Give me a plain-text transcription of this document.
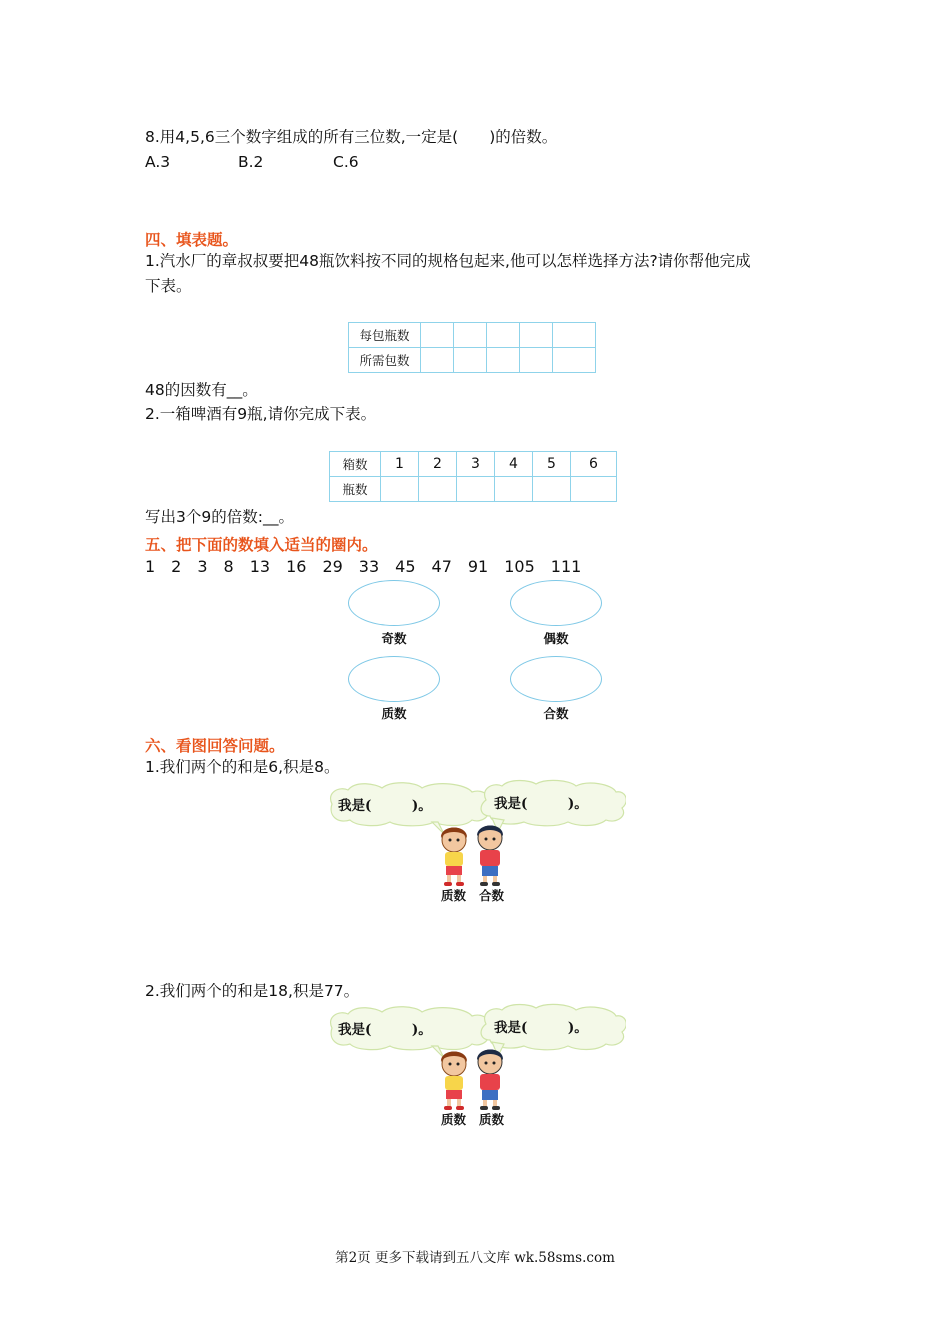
8.用4,5,6三个数字组成的所有三位数,一定是(　　)的倍数。
A.3	B.2	C.6
四、填表题。
1.汽水厂的章叔叔要把48瓶饮料按不同的规格包起来,他可以怎样选择方法?请你帮他完成
下表。
每包瓶数					
所需包数					
48的因数有__。
2.一箱啤酒有9瓶,请你完成下表。
箱数	1	2	3	4	5	6
瓶数						
写出3个9的倍数:__。
五、把下面的数填入适当的圈内。
1　2　3　8　13　16　29　33　45　47　91　105　111
奇数	偶数
质数	合数
六、看图回答问题。
1.我们两个的和是6,积是8。
我是(　　　)。	我是(　　　)。
质数 合数
2.我们两个的和是18,积是77。
我是(　　　)。	我是(　　　)。
质数 质数
第2页 更多下载请到五八文库 wk.58sms.com
